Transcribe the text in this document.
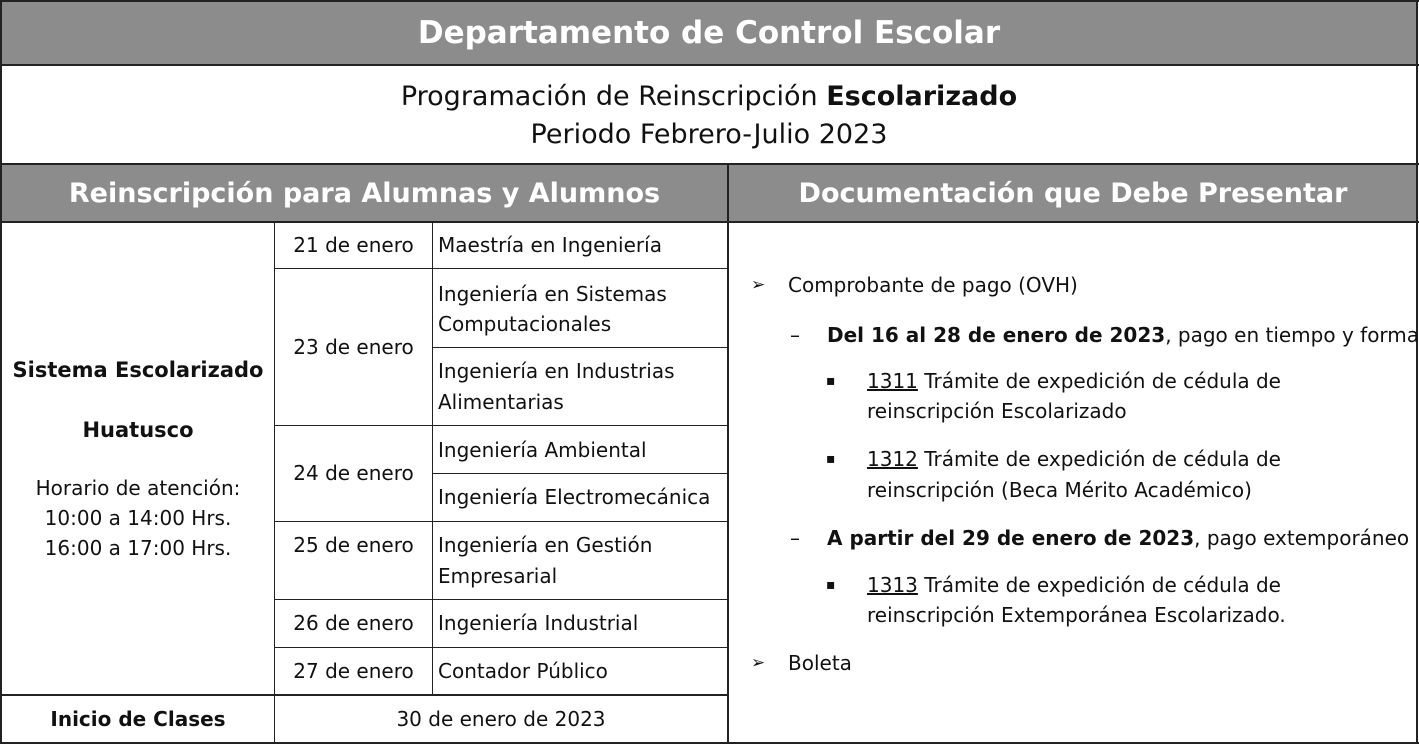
Departamento de Control Escolar
Reinscripción para Alumnas y Alumnos	Documentación que Debe Presentar
Programación de Reinscripción Escolarizado
Periodo Febrero-Julio 2023
Sistema Escolarizado
Huatusco
Horario de atención:
10:00 a 14:00 Hrs.
16:00 a 17:00 Hrs.
21 de enero
23 de enero
24 de enero
25 de enero
26 de enero
27 de enero
Maestría en Ingeniería
Ingeniería en Sistemas
Computacionales
Ingeniería en Industrias
Alimentarias
Ingeniería Ambiental
Ingeniería Electromecánica
Ingeniería en Gestión
Empresarial
Ingeniería Industrial
Contador Público
Inicio de Clases	30 de enero de 2023
➢ Comprobante de pago (OVH)
– Del 16 al 28 de enero de 2023, pago en tiempo y forma
▪ 1311 Trámite de expedición de cédula de
reinscripción Escolarizado
▪ 1312 Trámite de expedición de cédula de
reinscripción (Beca Mérito Académico)
– A partir del 29 de enero de 2023, pago extemporáneo
▪ 1313 Trámite de expedición de cédula de
reinscripción Extemporánea Escolarizado.
➢ Boleta
